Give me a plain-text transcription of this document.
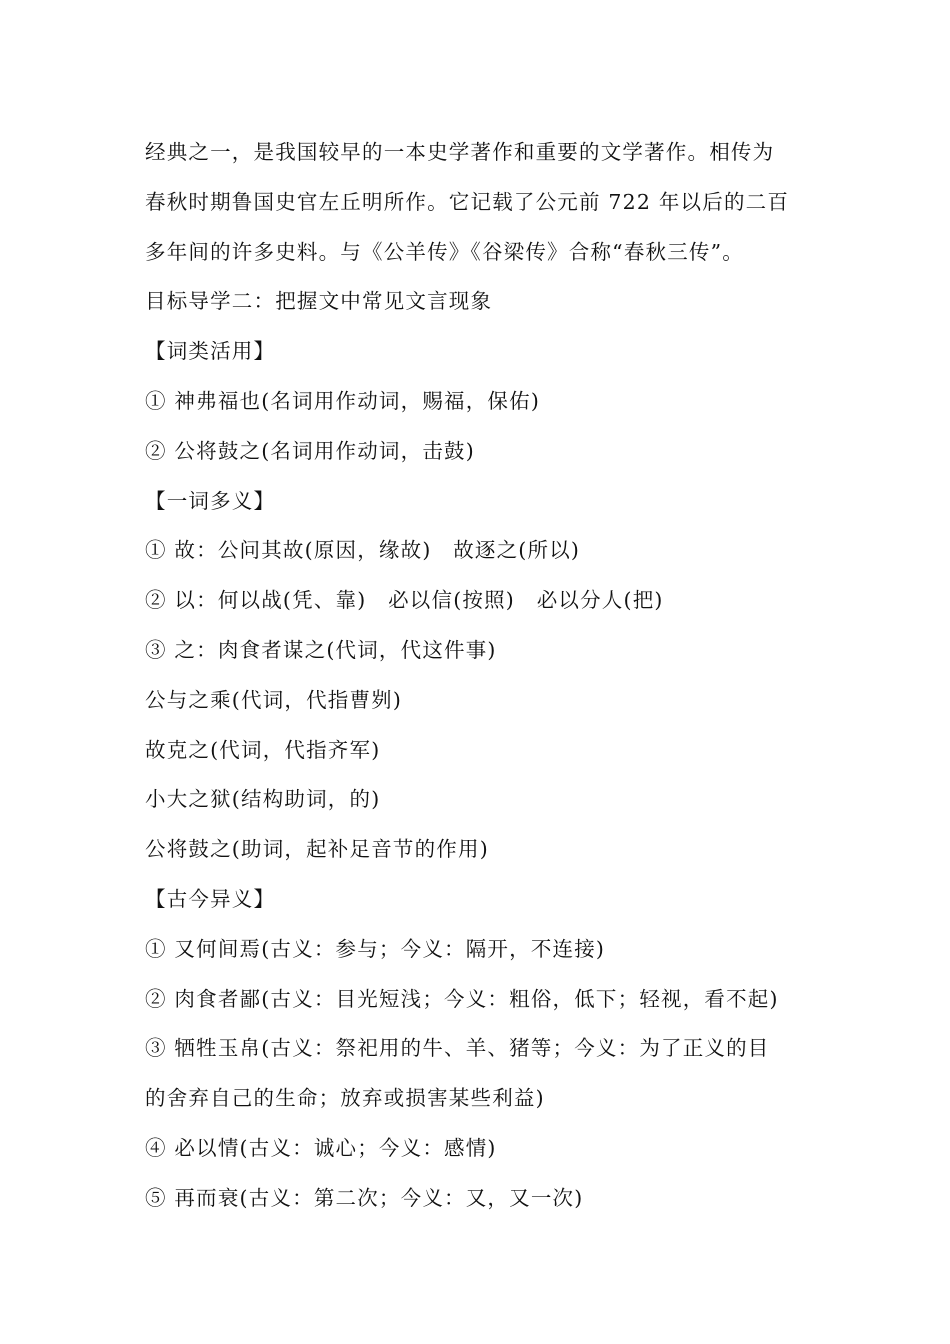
经典之一，是我国较早的一本史学著作和重要的文学著作。相传为
春秋时期鲁国史官左丘明所作。它记载了公元前 722 年以后的二百
多年间的许多史料。与《公羊传》《谷梁传》合称“春秋三传”。
目标导学二：把握文中常见文言现象
【词类活用】
① 神弗福也(名词用作动词，赐福，保佑)
② 公将鼓之(名词用作动词，击鼓)
【一词多义】
① 故：公问其故(原因，缘故)　故逐之(所以)
② 以：何以战(凭、靠)　必以信(按照)　必以分人(把)
③ 之：肉食者谋之(代词，代这件事)
公与之乘(代词，代指曹刿)
故克之(代词，代指齐军)
小大之狱(结构助词，的)
公将鼓之(助词，起补足音节的作用)
【古今异义】
① 又何间焉(古义：参与；今义：隔开，不连接)
② 肉食者鄙(古义：目光短浅；今义：粗俗，低下；轻视，看不起)
③ 牺牲玉帛(古义：祭祀用的牛、羊、猪等；今义：为了正义的目
的舍弃自己的生命；放弃或损害某些利益)
④ 必以情(古义：诚心；今义：感情)
⑤ 再而衰(古义：第二次；今义：又，又一次)
